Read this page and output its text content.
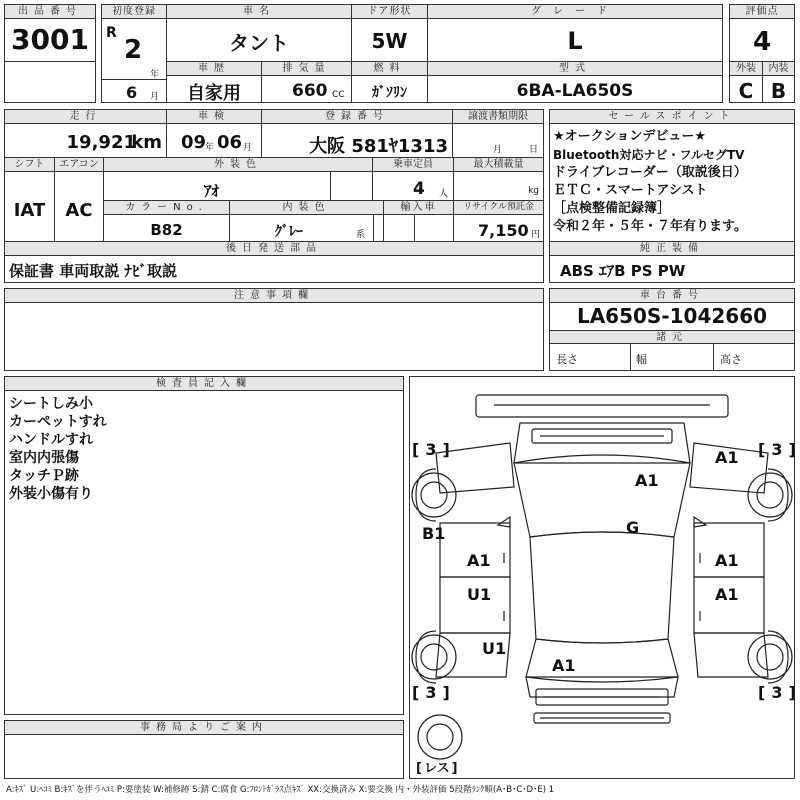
出品番号
3001
初度登録
R
2
年
6 月
車名
タント
ドア形状
5W
グレード
L
評価点
4
車歴
自家用
排気量
660 CC
燃料
ｶﾞｿﾘﾝ
型式
6BA-LA650S
外装
C
内装
B
走行
19,921
km
車検
09
年 06 月
登録番号
大阪 581ﾔ1313
譲渡書類期限
月	日
シフト
IAT
エアコン
AC
外装色
ｱｵ
乗車定員
4 人
最大積載量
kg
カラーNo.
B82
内装色
ｸﾞﾚｰ	系
輸入車	リサイクル預託金
7,150 円
後日発送部品
保証書 車両取説 ﾅﾋﾞ取説
セールスポイント
★オークションデビュー★
Bluetooth対応ナビ・フルセグTV
ドライブレコーダー（取説後日）
ＥＴＣ・スマートアシスト
［点検整備記録簿］
令和２年・５年・７年有ります。
純正装備
ABS ｴｱB PS PW
注意事項欄	車台番号
LA650S-1042660
諸元
長さ	幅	高さ
検査員記入欄
シートしみ小
カーペットすれ
ハンドルすれ
室内内張傷
タッチＰ跡
外装小傷有り
A1
A1
G
B1
A1	A1
U1	A1
U1
A1
[ 3 ]	[ 3 ]
[ 3 ]	[ 3 ]
[ レス ]
事務局よりご案内
A:ｷｽﾞ U:ﾍｺﾐ B:ｷｽﾞを伴うﾍｺﾐ P:要塗装 W:補修跡 S:錆 C:腐食 G:ﾌﾛﾝﾄｶﾞﾗｽ点ｷｽﾞ XX:交換済み X:要交換 内・外装評価 5段階ﾗﾝｸ順(A･B･C･D･E) 1
